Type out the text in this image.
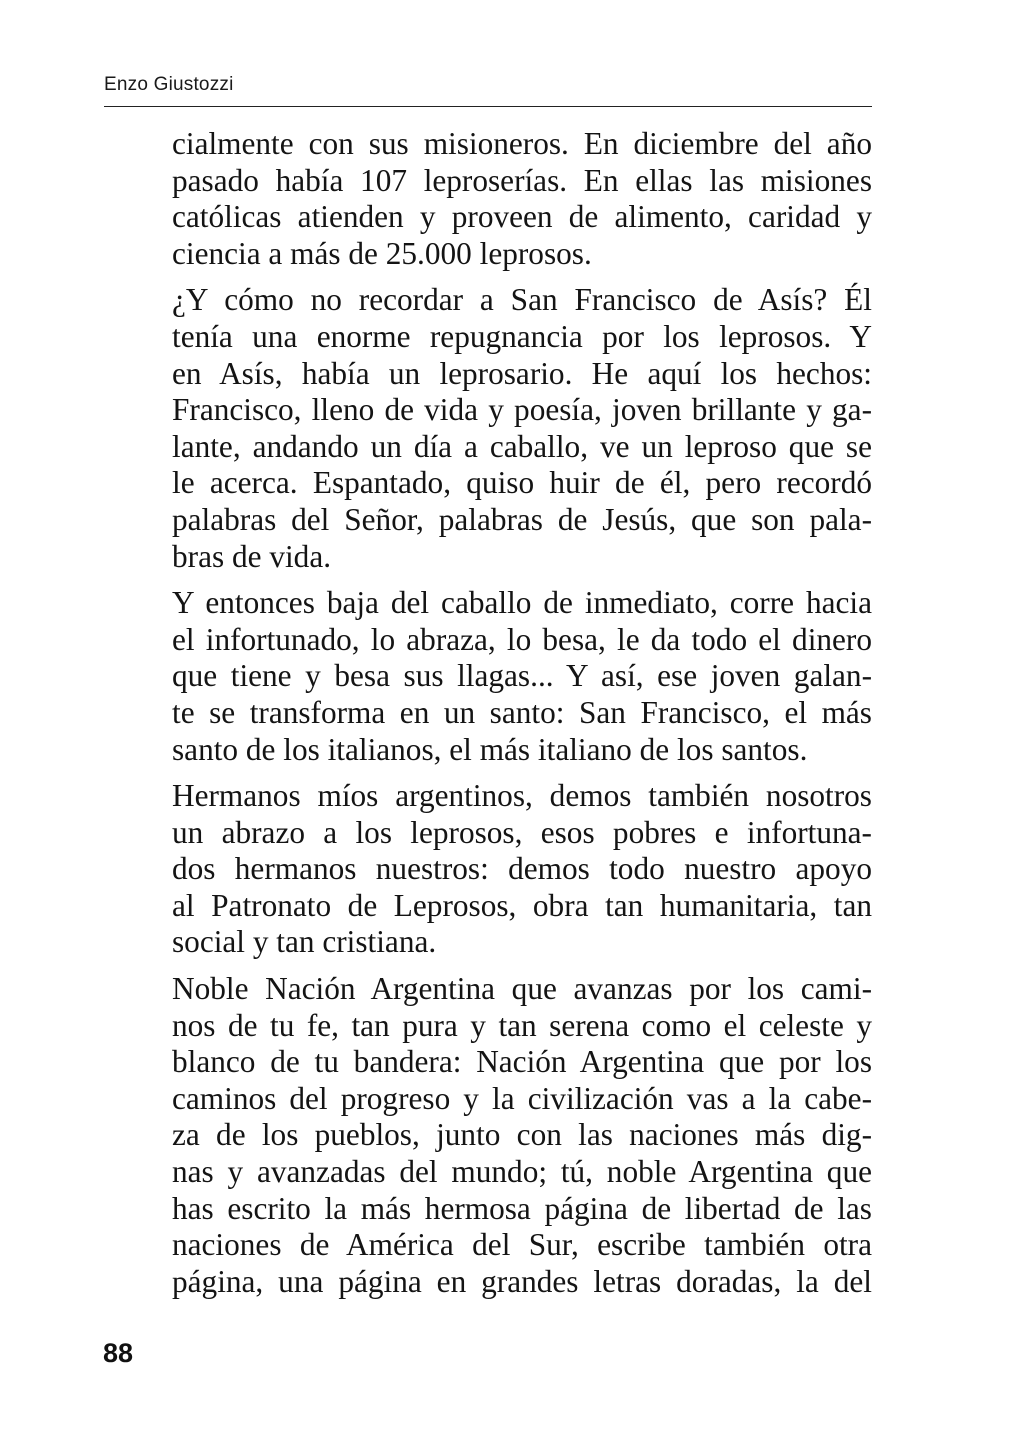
Enzo Giustozzi
cialmente con sus misioneros. En diciembre del año
pasado había 107 leproserías. En ellas las misiones
católicas atienden y proveen de alimento, caridad y
ciencia a más de 25.000 leprosos.
¿Y cómo no recordar a San Francisco de Asís? Él
tenía una enorme repugnancia por los leprosos. Y
en Asís, había un leprosario. He aquí los hechos:
Francisco, lleno de vida y poesía, joven brillante y ga-
lante, andando un día a caballo, ve un leproso que se
le acerca. Espantado, quiso huir de él, pero recordó
palabras del Señor, palabras de Jesús, que son pala-
bras de vida.
Y entonces baja del caballo de inmediato, corre hacia
el infortunado, lo abraza, lo besa, le da todo el dinero
que tiene y besa sus llagas... Y así, ese joven galan-
te se transforma en un santo: San Francisco, el más
santo de los italianos, el más italiano de los santos.
Hermanos míos argentinos, demos también nosotros
un abrazo a los leprosos, esos pobres e infortuna-
dos hermanos nuestros: demos todo nuestro apoyo
al Patronato de Leprosos, obra tan humanitaria, tan
social y tan cristiana.
Noble Nación Argentina que avanzas por los cami-
nos de tu fe, tan pura y tan serena como el celeste y
blanco de tu bandera: Nación Argentina que por los
caminos del progreso y la civilización vas a la cabe-
za de los pueblos, junto con las naciones más dig-
nas y avanzadas del mundo; tú, noble Argentina que
has escrito la más hermosa página de libertad de las
naciones de América del Sur, escribe también otra
página, una página en grandes letras doradas, la del
88
